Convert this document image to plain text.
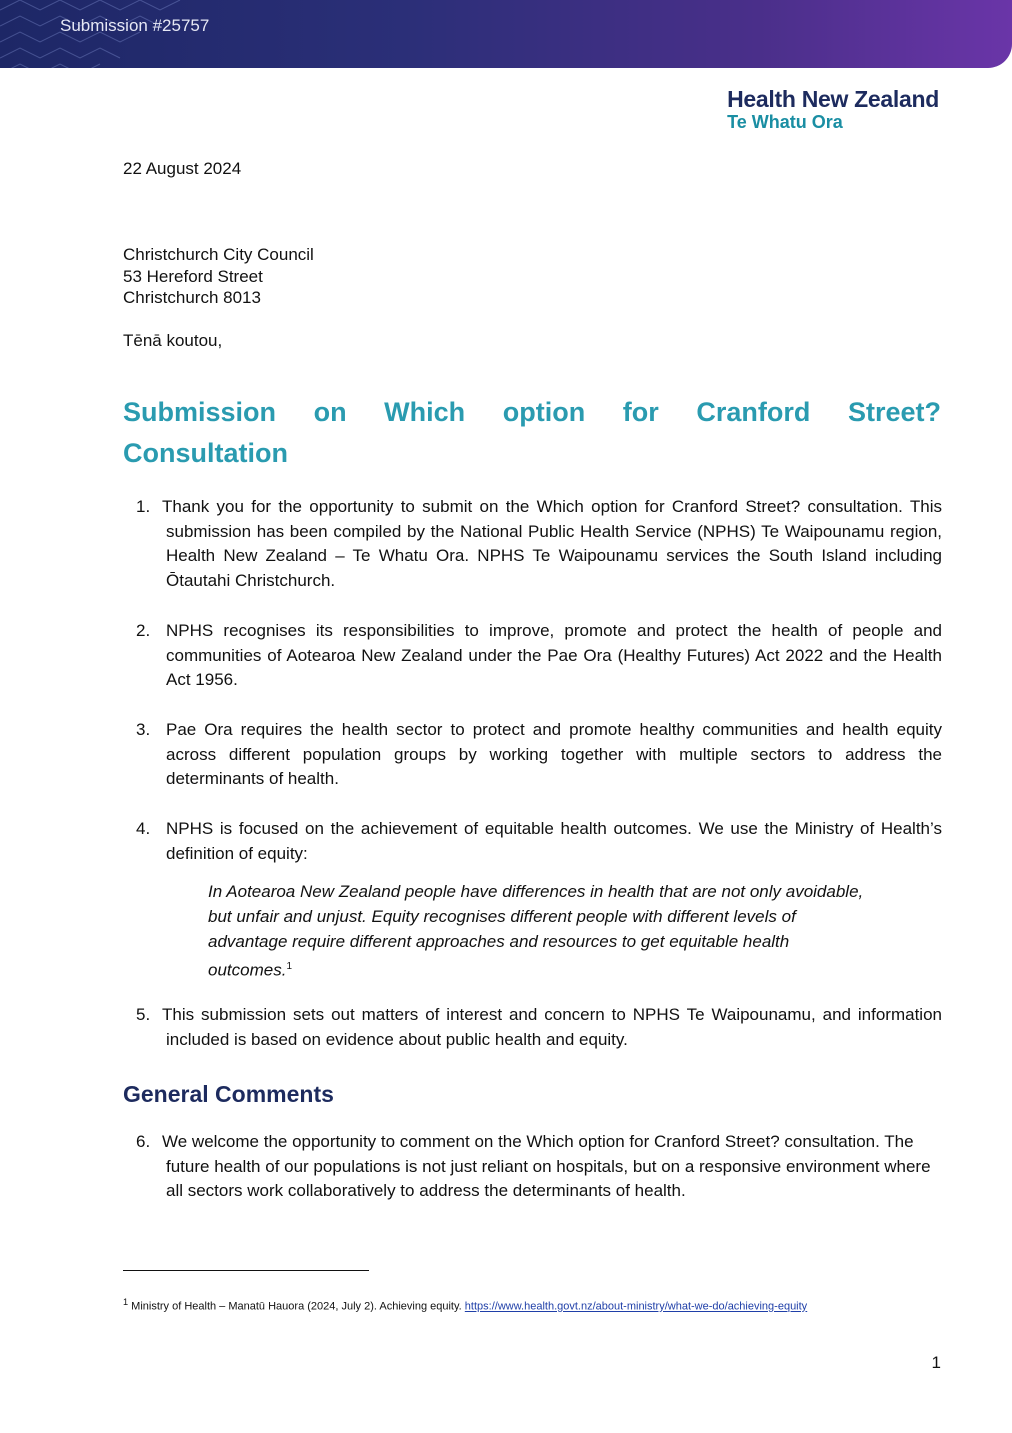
Submission #25757
Health New Zealand
Te Whatu Ora
22 August 2024
Christchurch City Council
53 Hereford Street
Christchurch 8013
Tēnā koutou,
Submission on Which option for Cranford Street?
Consultation
1. Thank you for the opportunity to submit on the Which option for Cranford Street? consultation. This submission has been compiled by the National Public Health Service (NPHS) Te Waipounamu region, Health New Zealand – Te Whatu Ora. NPHS Te Waipounamu services the South Island including Ōtautahi Christchurch.
2. NPHS recognises its responsibilities to improve, promote and protect the health of people and communities of Aotearoa New Zealand under the Pae Ora (Healthy Futures) Act 2022 and the Health Act 1956.
3. Pae Ora requires the health sector to protect and promote healthy communities and health equity across different population groups by working together with multiple sectors to address the determinants of health.
4. NPHS is focused on the achievement of equitable health outcomes. We use the Ministry of Health’s definition of equity:
In Aotearoa New Zealand people have differences in health that are not only avoidable, but unfair and unjust. Equity recognises different people with different levels of advantage require different approaches and resources to get equitable health outcomes.$^1$
5. This submission sets out matters of interest and concern to NPHS Te Waipounamu, and information included is based on evidence about public health and equity.
General Comments
6. We welcome the opportunity to comment on the Which option for Cranford Street? consultation. The future health of our populations is not just reliant on hospitals, but on a responsive environment where all sectors work collaboratively to address the determinants of health.
$^1$ Ministry of Health – Manatū Hauora (2024, July 2). Achieving equity. https://www.health.govt.nz/about-ministry/what-we-do/achieving-equity
1
